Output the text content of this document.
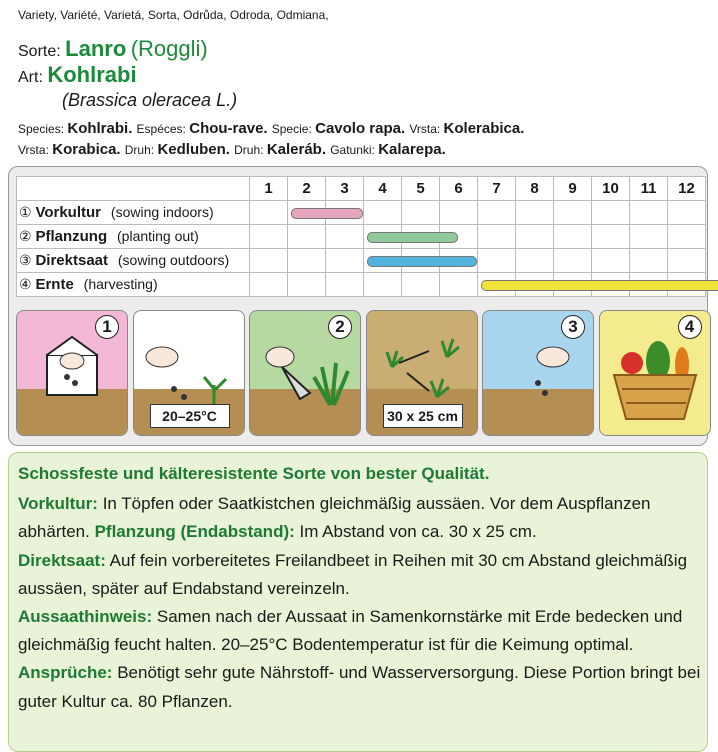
Variety, Variété, Varietá, Sorta, Odrůda, Odroda, Odmiana,
Sorte: Lanro (Roggli)
Art: Kohlrabi
(Brassica oleracea L.)
Species: Kohlrabi. Espéces: Chou-rave. Specie: Cavolo rapa. Vrsta: Kolerabica.
Vrsta: Korabica. Druh: Kedluben. Druh: Kaleráb. Gatunki: Kalarepa.
	1	2	3	4	5	6	7	8	9	10	11	12
① Vorkultur (sowing indoors)												
② Pflanzung (planting out)												
③ Direktsaat (sowing outdoors)												
④ Ernte (harvesting)												
1
20–25°C
2
30 x 25 cm
3	4
Schossfeste und kälteresistente Sorte von bester Qualität.
Vorkultur: In Töpfen oder Saatkistchen gleichmäßig aussäen. Vor dem Auspflanzen abhärten. Pflanzung (Endabstand): Im Abstand von ca. 30 x 25 cm.
Direktsaat: Auf fein vorbereitetes Freilandbeet in Reihen mit 30 cm Abstand gleichmäßig aussäen, später auf Endabstand vereinzeln.
Aussaathinweis: Samen nach der Aussaat in Samenkornstärke mit Erde bedecken und gleichmäßig feucht halten. 20–25°C Bodentemperatur ist für die Keimung optimal. Ansprüche: Benötigt sehr gute Nährstoff- und Wasserversorgung. Diese Portion bringt bei guter Kultur ca. 80 Pflanzen.
